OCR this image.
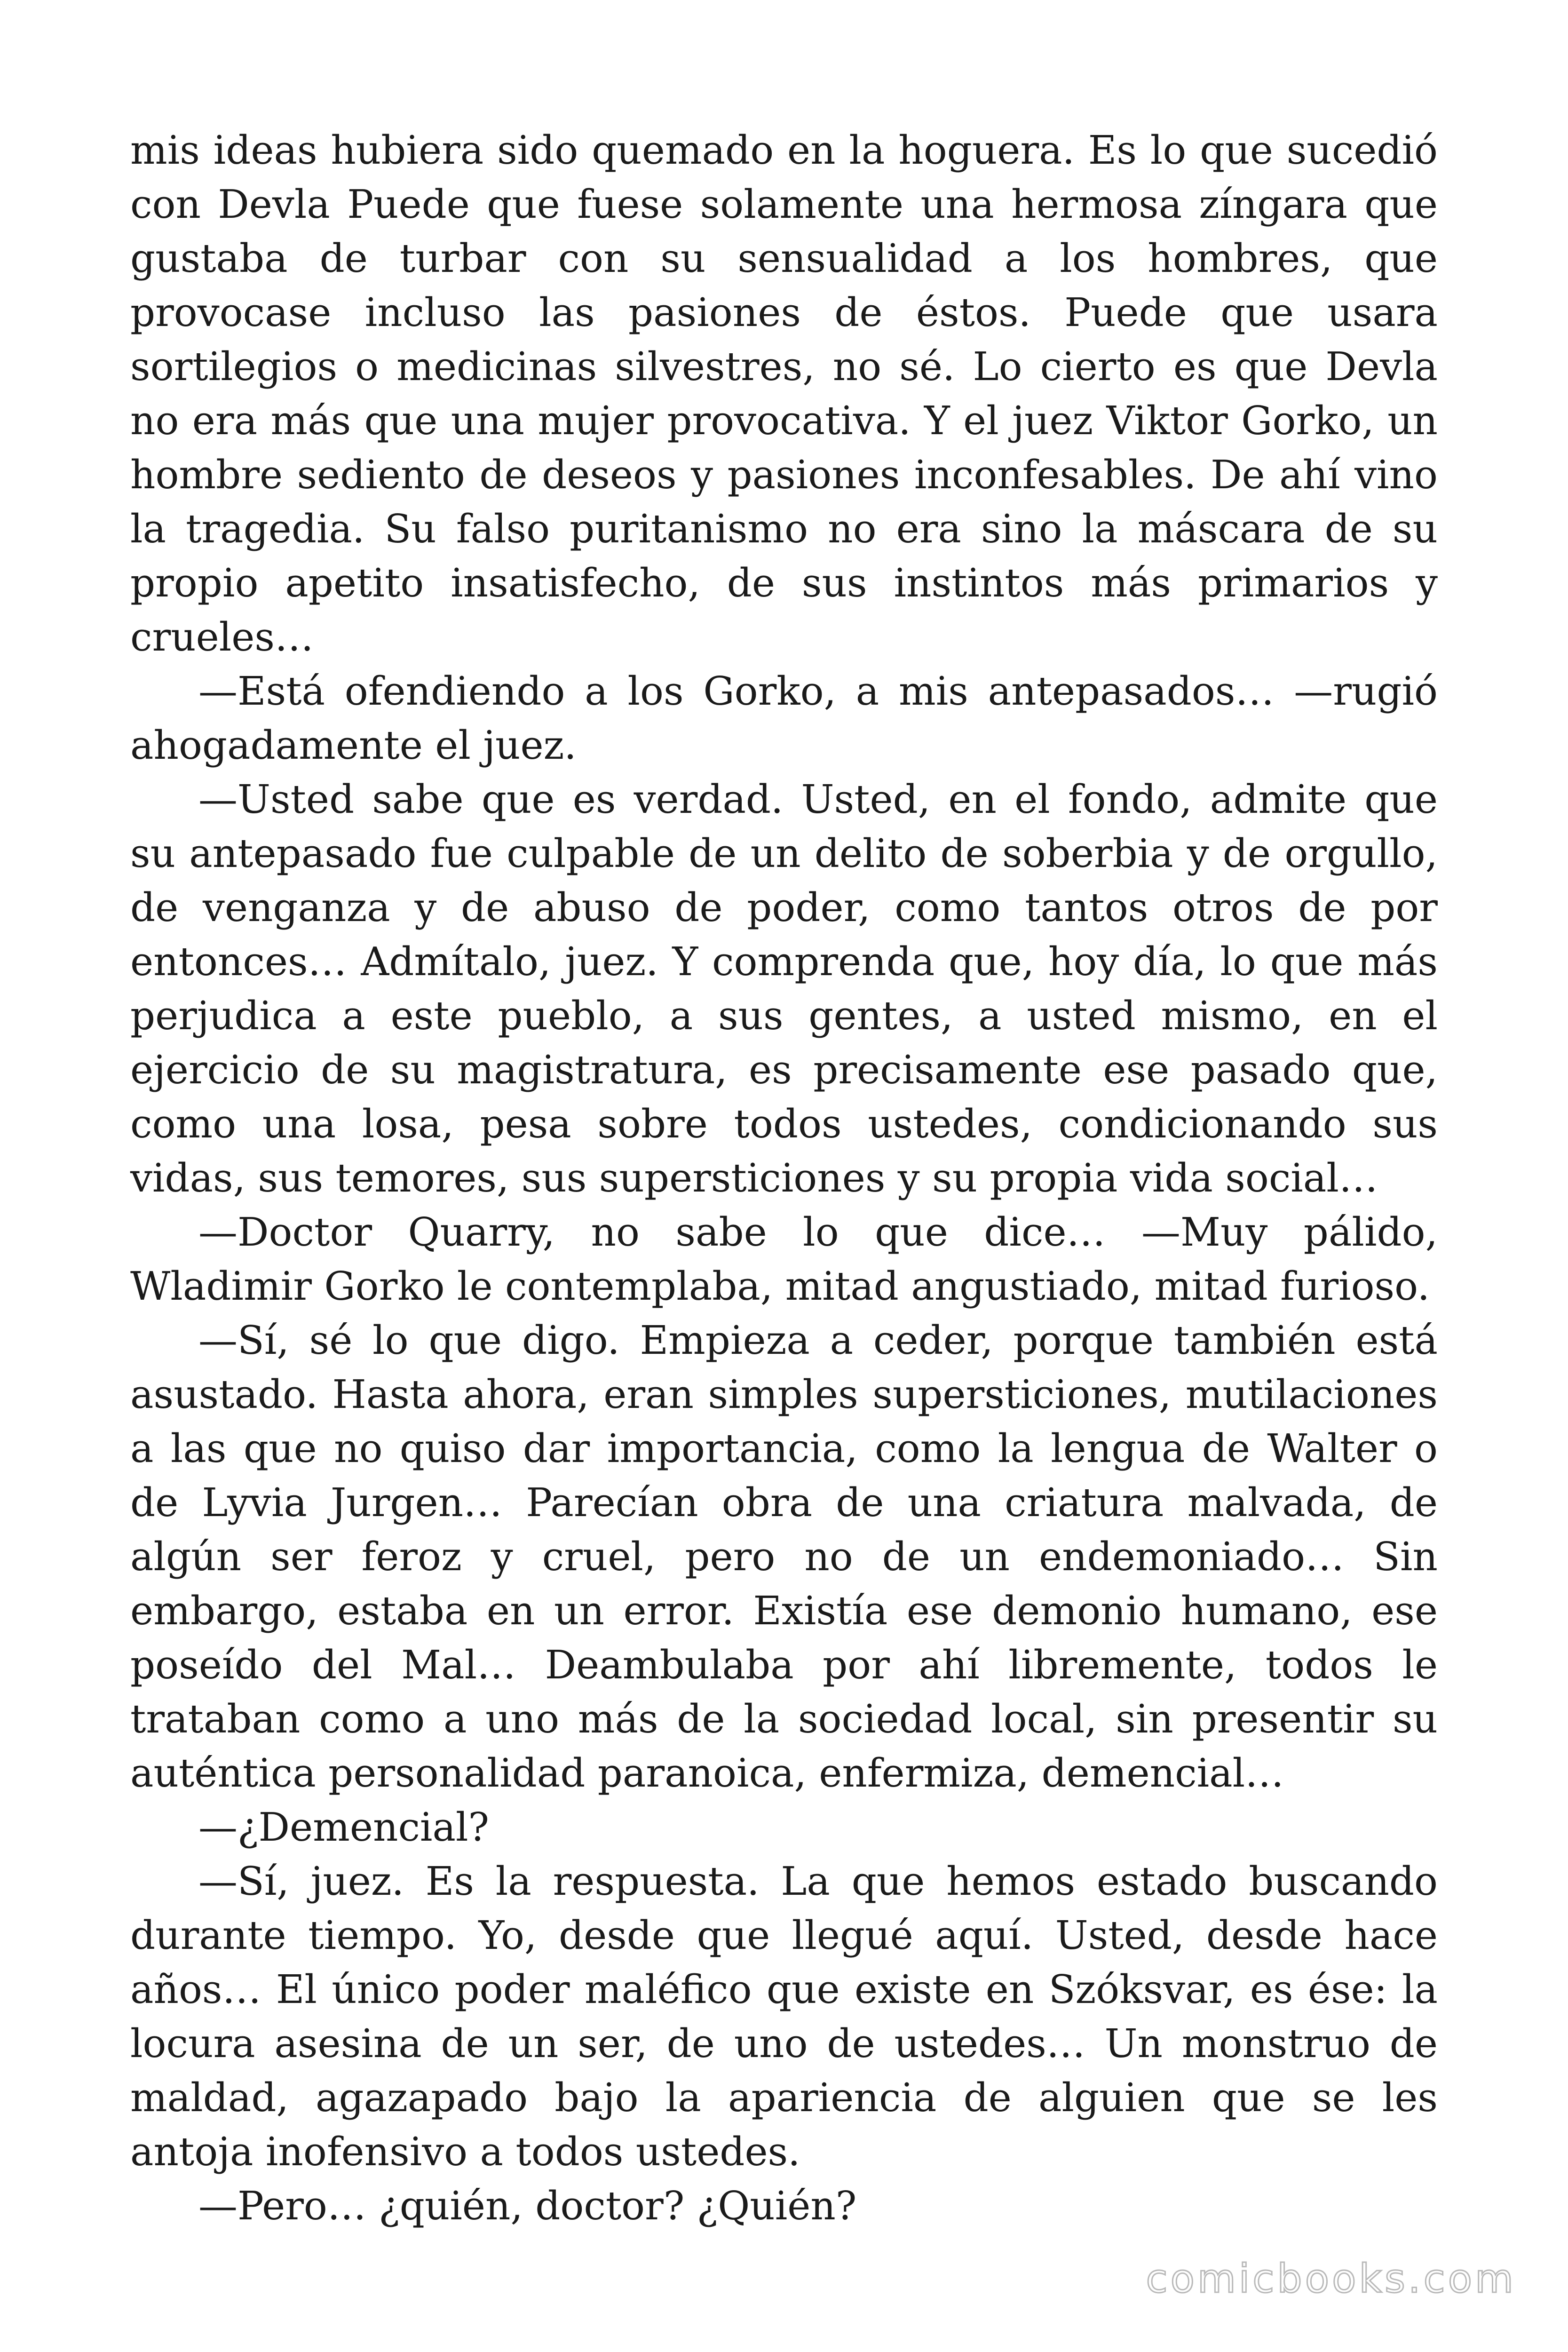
mis ideas hubiera sido quemado en la hoguera. Es lo que sucedió con Devla Puede que fuese solamente una hermosa zíngara que gustaba de turbar con su sensualidad a los hombres, que provocase incluso las pasiones de éstos. Puede que usara sortilegios o medicinas silvestres, no sé. Lo cierto es que Devla no era más que una mujer provocativa. Y el juez Viktor Gorko, un hombre sediento de deseos y pasiones inconfesables. De ahí vino la tragedia. Su falso puritanismo no era sino la máscara de su propio apetito insatisfecho, de sus instintos más primarios y crueles…

—Está ofendiendo a los Gorko, a mis antepasados… —rugió ahogadamente el juez.

—Usted sabe que es verdad. Usted, en el fondo, admite que su antepasado fue culpable de un delito de soberbia y de orgullo, de venganza y de abuso de poder, como tantos otros de por entonces… Admítalo, juez. Y comprenda que, hoy día, lo que más perjudica a este pueblo, a sus gentes, a usted mismo, en el ejercicio de su magistratura, es precisamente ese pasado que, como una losa, pesa sobre todos ustedes, condicionando sus vidas, sus temores, sus supersticiones y su propia vida social…

—Doctor Quarry, no sabe lo que dice… —Muy pálido, Wladimir Gorko le contemplaba, mitad angustiado, mitad furioso.

—Sí, sé lo que digo. Empieza a ceder, porque también está asustado. Hasta ahora, eran simples supersticiones, mutilaciones a las que no quiso dar importancia, como la lengua de Walter o de Lyvia Jurgen… Parecían obra de una criatura malvada, de algún ser feroz y cruel, pero no de un endemoniado… Sin embargo, estaba en un error. Existía ese demonio humano, ese poseído del Mal… Deambulaba por ahí libremente, todos le trataban como a uno más de la sociedad local, sin presentir su auténtica personalidad paranoica, enfermiza, demencial…

—¿Demencial?

—Sí, juez. Es la respuesta. La que hemos estado buscando durante tiempo. Yo, desde que llegué aquí. Usted, desde hace años… El único poder maléfico que existe en Szóksvar, es ése: la locura asesina de un ser, de uno de ustedes… Un monstruo de maldad, agazapado bajo la apariencia de alguien que se les antoja inofensivo a todos ustedes.

—Pero… ¿quién, doctor? ¿Quién?

comicbooks.com
